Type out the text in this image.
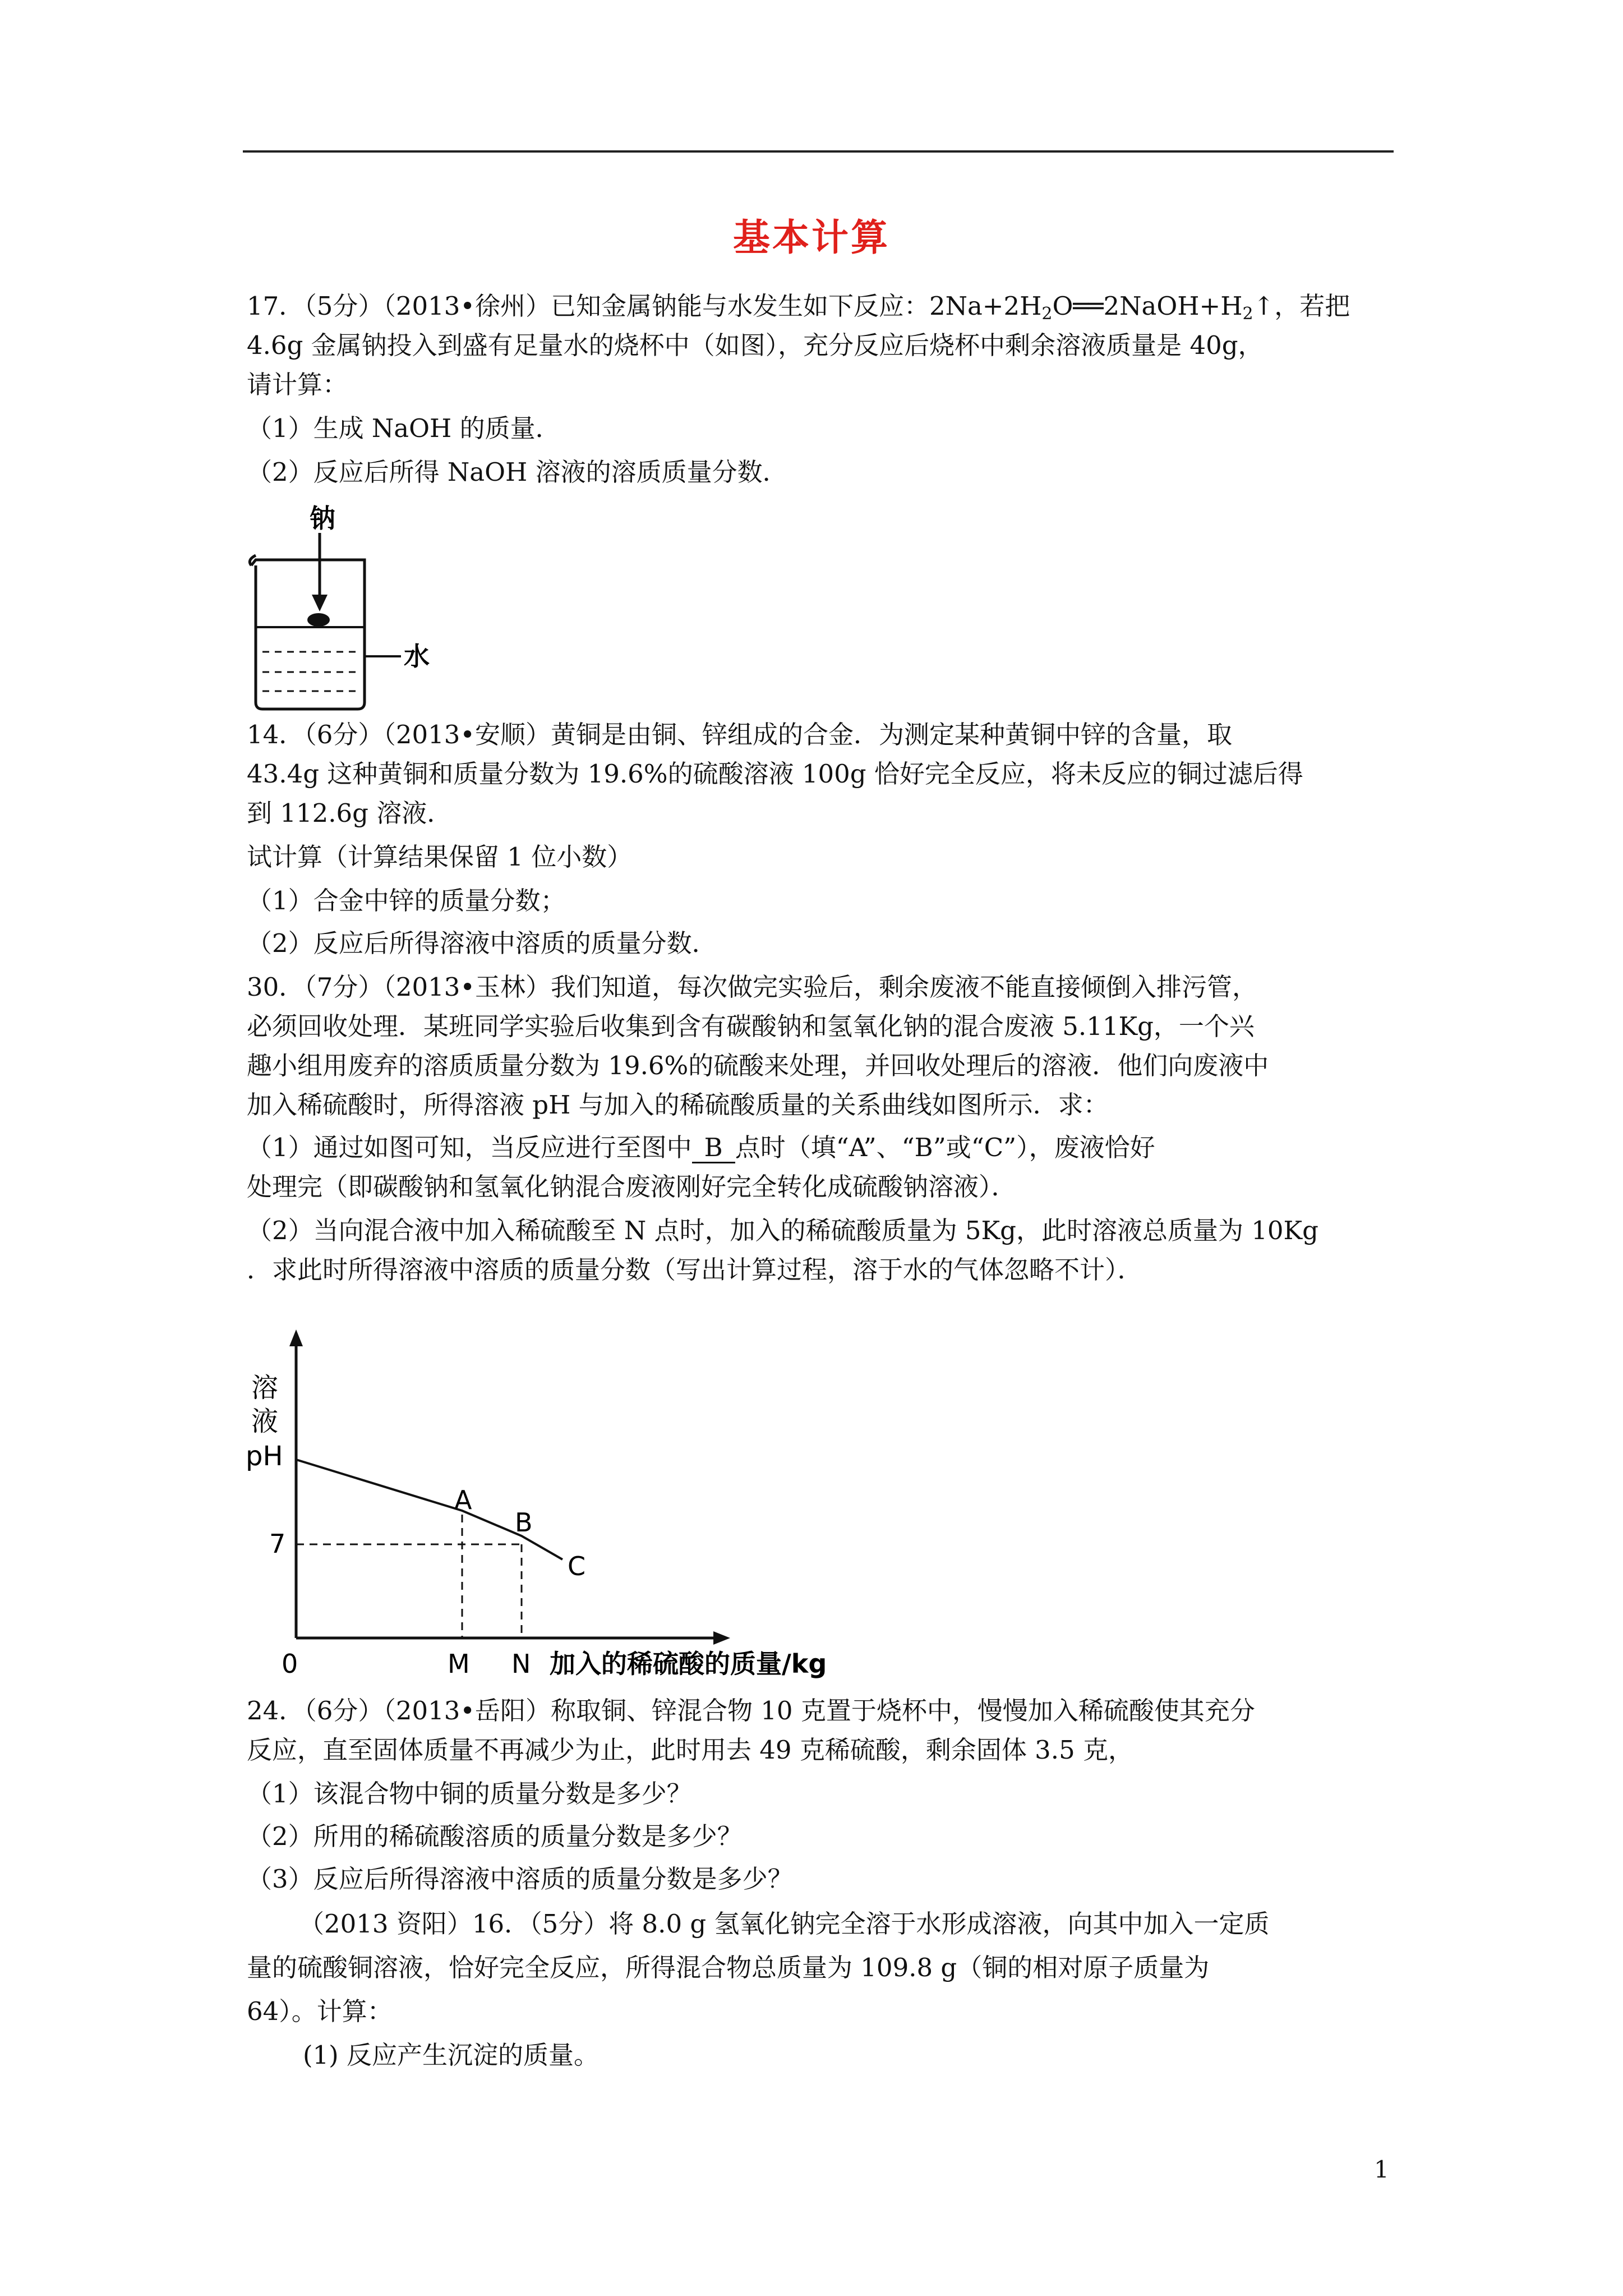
基本计算
17．（5分）（2013•徐州）已知金属钠能与水发生如下反应：$2Na+2H_2O══2NaOH+H_2↑$，若把
4.6g 金属钠投入到盛有足量水的烧杯中（如图），充分反应后烧杯中剩余溶液质量是 40g，
请计算：
（1）生成 NaOH 的质量．
（2）反应后所得 NaOH 溶液的溶质质量分数．
钠
水
14．（6分）（2013•安顺）黄铜是由铜、锌组成的合金．为测定某种黄铜中锌的含量，取
43.4g 这种黄铜和质量分数为 19.6%的硫酸溶液 100g 恰好完全反应，将未反应的铜过滤后得
到 112.6g 溶液．
试计算（计算结果保留 1 位小数）
（1）合金中锌的质量分数；
（2）反应后所得溶液中溶质的质量分数．
30．（7分）（2013•玉林）我们知道，每次做完实验后，剩余废液不能直接倾倒入排污管，
必须回收处理．某班同学实验后收集到含有碳酸钠和氢氧化钠的混合废液 5.11Kg，一个兴
趣小组用废弃的溶质质量分数为 19.6%的硫酸来处理，并回收处理后的溶液．他们向废液中
加入稀硫酸时，所得溶液 pH 与加入的稀硫酸质量的关系曲线如图所示．求：
（1）通过如图可知，当反应进行至图中 B 点时（填“A”、“B”或“C”），废液恰好
处理完（即碳酸钠和氢氧化钠混合废液刚好完全转化成硫酸钠溶液）．
（2）当向混合液中加入稀硫酸至 N 点时，加入的稀硫酸质量为 5Kg，此时溶液总质量为 10Kg
．求此时所得溶液中溶质的质量分数（写出计算过程，溶于水的气体忽略不计）．
溶
液
pH
7
0
A
B
C
M N 加入的稀硫酸的质量/kg
24．（6分）（2013•岳阳）称取铜、锌混合物 10 克置于烧杯中，慢慢加入稀硫酸使其充分
反应，直至固体质量不再减少为止，此时用去 49 克稀硫酸，剩余固体 3.5 克，
（1）该混合物中铜的质量分数是多少？
（2）所用的稀硫酸溶质的质量分数是多少？
（3）反应后所得溶液中溶质的质量分数是多少？
（2013 资阳）16．（5分）将 8.0 g 氢氧化钠完全溶于水形成溶液，向其中加入一定质
量的硫酸铜溶液，恰好完全反应，所得混合物总质量为 109.8 g（铜的相对原子质量为
64）。计算：
(1) 反应产生沉淀的质量。
1
